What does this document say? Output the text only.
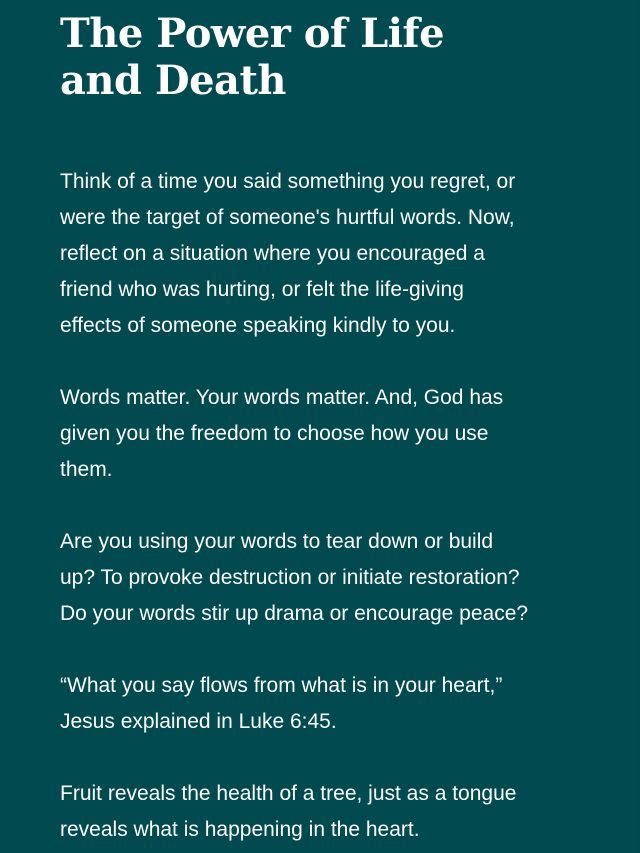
The Power of Life
and Death

Think of a time you said something you regret, or
were the target of someone's hurtful words. Now,
reflect on a situation where you encouraged a
friend who was hurting, or felt the life-giving
effects of someone speaking kindly to you.

Words matter. Your words matter. And, God has
given you the freedom to choose how you use
them.

Are you using your words to tear down or build
up? To provoke destruction or initiate restoration?
Do your words stir up drama or encourage peace?

“What you say flows from what is in your heart,”
Jesus explained in Luke 6:45.

Fruit reveals the health of a tree, just as a tongue
reveals what is happening in the heart.
